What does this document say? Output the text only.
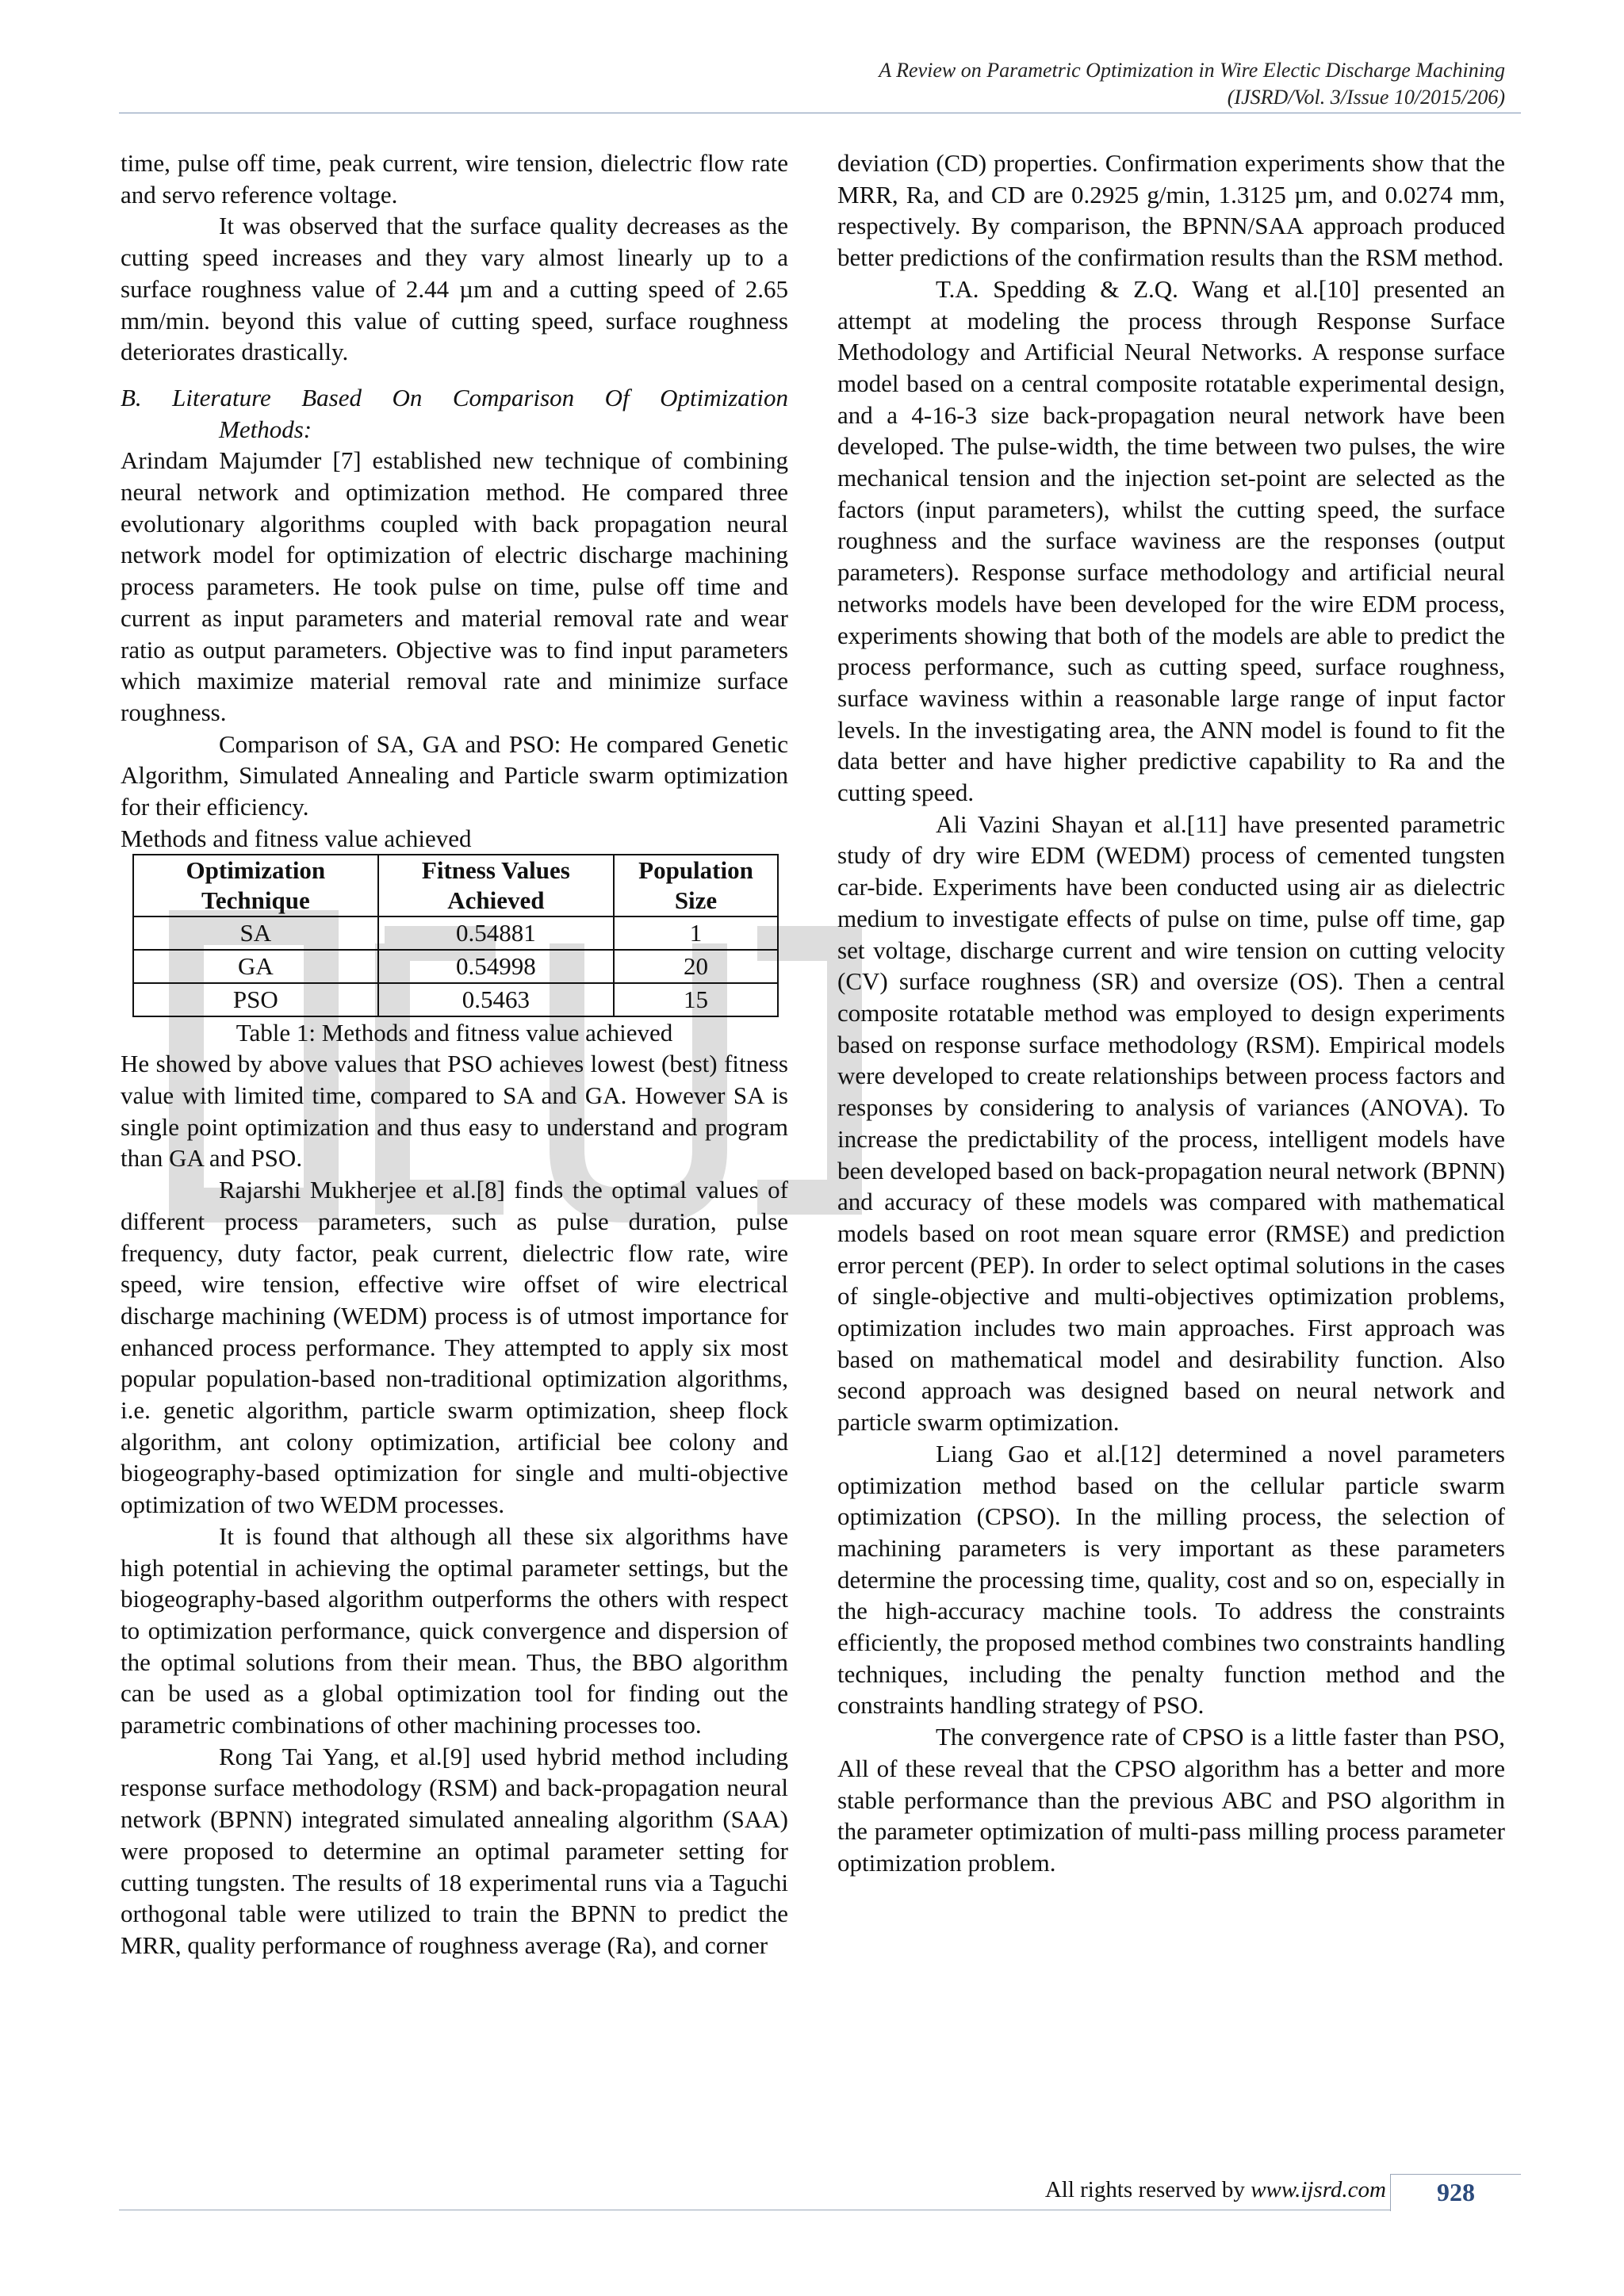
A Review on Parametric Optimization in Wire Electic Discharge Machining
(IJSRD/Vol. 3/Issue 10/2015/206)

time, pulse off time, peak current, wire tension, dielectric flow rate and servo reference voltage.

It was observed that the surface quality decreases as the cutting speed increases and they vary almost linearly up to a surface roughness value of 2.44 µm and a cutting speed of 2.65 mm/min. beyond this value of cutting speed, surface roughness deteriorates drastically.

B. Literature Based On Comparison Of Optimization
Methods:

Arindam Majumder [7] established new technique of combining neural network and optimization method. He compared three evolutionary algorithms coupled with back propagation neural network model for optimization of electric discharge machining process parameters. He took pulse on time, pulse off time and current as input parameters and material removal rate and wear ratio as output parameters. Objective was to find input parameters which maximize material removal rate and minimize surface roughness.

Comparison of SA, GA and PSO: He compared Genetic Algorithm, Simulated Annealing and Particle swarm optimization for their efficiency.

Methods and fitness value achieved

Optimization Technique	Fitness Values Achieved	Population Size
SA	0.54881	1
GA	0.54998	20
PSO	0.5463	15

Table 1: Methods and fitness value achieved

He showed by above values that PSO achieves lowest (best) fitness value with limited time, compared to SA and GA. However SA is single point optimization and thus easy to understand and program than GA and PSO.

Rajarshi Mukherjee et al.[8] finds the optimal values of different process parameters, such as pulse duration, pulse frequency, duty factor, peak current, dielectric flow rate, wire speed, wire tension, effective wire offset of wire electrical discharge machining (WEDM) process is of utmost importance for enhanced process performance. They attempted to apply six most popular population-based non-traditional optimization algorithms, i.e. genetic algorithm, particle swarm optimization, sheep flock algorithm, ant colony optimization, artificial bee colony and biogeography-based optimization for single and multi-objective optimization of two WEDM processes.

It is found that although all these six algorithms have high potential in achieving the optimal parameter settings, but the biogeography-based algorithm outperforms the others with respect to optimization performance, quick convergence and dispersion of the optimal solutions from their mean. Thus, the BBO algorithm can be used as a global optimization tool for finding out the parametric combinations of other machining processes too.

Rong Tai Yang, et al.[9] used hybrid method including response surface methodology (RSM) and back-propagation neural network (BPNN) integrated simulated annealing algorithm (SAA) were proposed to determine an optimal parameter setting for cutting tungsten. The results of 18 experimental runs via a Taguchi orthogonal table were utilized to train the BPNN to predict the MRR, quality performance of roughness average (Ra), and corner

deviation (CD) properties. Confirmation experiments show that the MRR, Ra, and CD are 0.2925 g/min, 1.3125 µm, and 0.0274 mm, respectively. By comparison, the BPNN/SAA approach produced better predictions of the confirmation results than the RSM method.

T.A. Spedding & Z.Q. Wang et al.[10] presented an attempt at modeling the process through Response Surface Methodology and Artificial Neural Networks. A response surface model based on a central composite rotatable experimental design, and a 4-16-3 size back-propagation neural network have been developed. The pulse-width, the time between two pulses, the wire mechanical tension and the injection set-point are selected as the factors (input parameters), whilst the cutting speed, the surface roughness and the surface waviness are the responses (output parameters). Response surface methodology and artificial neural networks models have been developed for the wire EDM process, experiments showing that both of the models are able to predict the process performance, such as cutting speed, surface roughness, surface waviness within a reasonable large range of input factor levels. In the investigating area, the ANN model is found to fit the data better and have higher predictive capability to Ra and the cutting speed.

Ali Vazini Shayan et al.[11] have presented parametric study of dry wire EDM (WEDM) process of cemented tungsten car-bide. Experiments have been conducted using air as dielectric medium to investigate effects of pulse on time, pulse off time, gap set voltage, discharge current and wire tension on cutting velocity (CV) surface roughness (SR) and oversize (OS). Then a central composite rotatable method was employed to design experiments based on response surface methodology (RSM). Empirical models were developed to create relationships between process factors and responses by considering to analysis of variances (ANOVA). To increase the predictability of the process, intelligent models have been developed based on back-propagation neural network (BPNN) and accuracy of these models was compared with mathematical models based on root mean square error (RMSE) and prediction error percent (PEP). In order to select optimal solutions in the cases of single-objective and multi-objectives optimization problems, optimization includes two main approaches. First approach was based on mathematical model and desirability function. Also second approach was designed based on neural network and particle swarm optimization.

Liang Gao et al.[12] determined a novel parameters optimization method based on the cellular particle swarm optimization (CPSO). In the milling process, the selection of machining parameters is very important as these parameters determine the processing time, quality, cost and so on, especially in the high-accuracy machine tools. To address the constraints efficiently, the proposed method combines two constraints handling techniques, including the penalty function method and the constraints handling strategy of PSO.

The convergence rate of CPSO is a little faster than PSO, All of these reveal that the CPSO algorithm has a better and more stable performance than the previous ABC and PSO algorithm in the parameter optimization of multi-pass milling process parameter optimization problem.

All rights reserved by www.ijsrd.com	928
